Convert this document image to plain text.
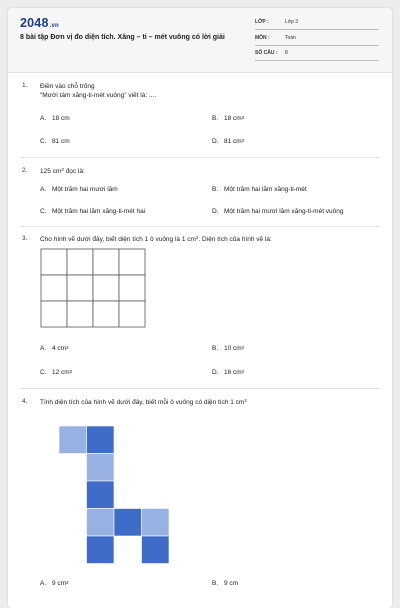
2048.vn
8 bài tập Đơn vị đo diện tích. Xăng – ti – mét vuông có lời giải
LỚP :	Lớp 3
MÔN :	Toán
SỐ CÂU : 8
1. Điền vào chỗ trống
"Mười tám xăng-ti-mét vuông" viết là: ....
A. 18 cm	B. 18 $cm^2$
C. 81 cm	D. 81 $cm^2$
2. 125 $cm^2$ đọc là:
A. Một trăm hai mươi lăm	B. Một trăm hai lăm xăng-ti-mét
C. Một trăm hai lăm xăng-ti-mét hai	D. Một trăm hai mươi lăm xăng-ti-mét vuông
3. Cho hình vẽ dưới đây, biết diện tích 1 ô vuông là 1 $cm^2$. Diện tích của hình vẽ là:
A. 4 $cm^2$	B. 10 $cm^2$
C. 12 $cm^2$	D. 16 $cm^2$
4. Tính diện tích của hình vẽ dưới đây, biết mỗi ô vuông có diện tích 1 $cm^2$
A. 9 $cm^2$	B. 9 cm
